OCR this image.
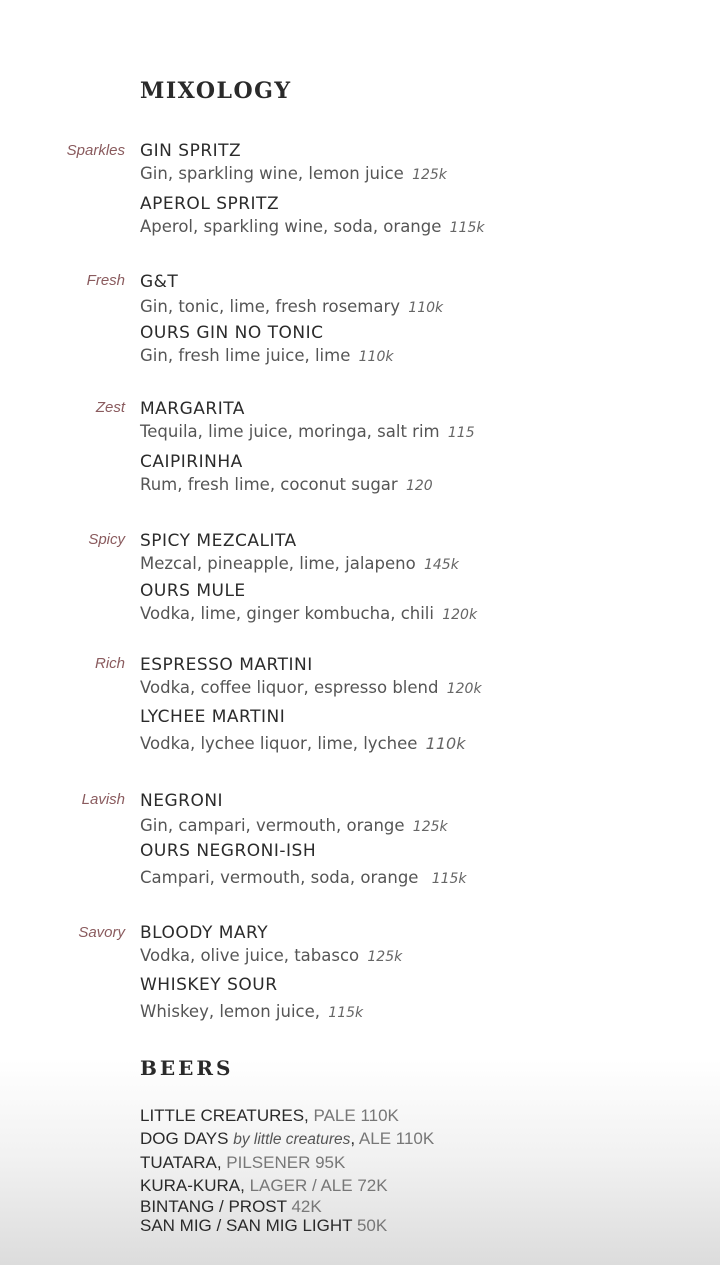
MIXOLOGY
Sparkles GIN SPRITZ
Gin, sparkling wine, lemon juice 125k
APEROL SPRITZ
Aperol, sparkling wine, soda, orange 115k
Fresh G&T
Gin, tonic, lime, fresh rosemary 110k
OURS GIN NO TONIC
Gin, fresh lime juice, lime 110k
Zest MARGARITA
Tequila, lime juice, moringa, salt rim 115
CAIPIRINHA
Rum, fresh lime, coconut sugar 120
Spicy SPICY MEZCALITA
Mezcal, pineapple, lime, jalapeno 145k
OURS MULE
Vodka, lime, ginger kombucha, chili 120k
Rich ESPRESSO MARTINI
Vodka, coffee liquor, espresso blend 120k
LYCHEE MARTINI
Vodka, lychee liquor, lime, lychee 110k
Lavish NEGRONI
Gin, campari, vermouth, orange 125k
OURS NEGRONI-ISH
Campari, vermouth, soda, orange 115k
Savory BLOODY MARY
Vodka, olive juice, tabasco 125k
WHISKEY SOUR
Whiskey, lemon juice, 115k
BEERS
LITTLE CREATURES, PALE 110K
DOG DAYS by little creatures, ALE 110K
TUATARA, PILSENER 95K
KURA-KURA, LAGER / ALE 72K
BINTANG / PROST 42K
SAN MIG / SAN MIG LIGHT 50K
